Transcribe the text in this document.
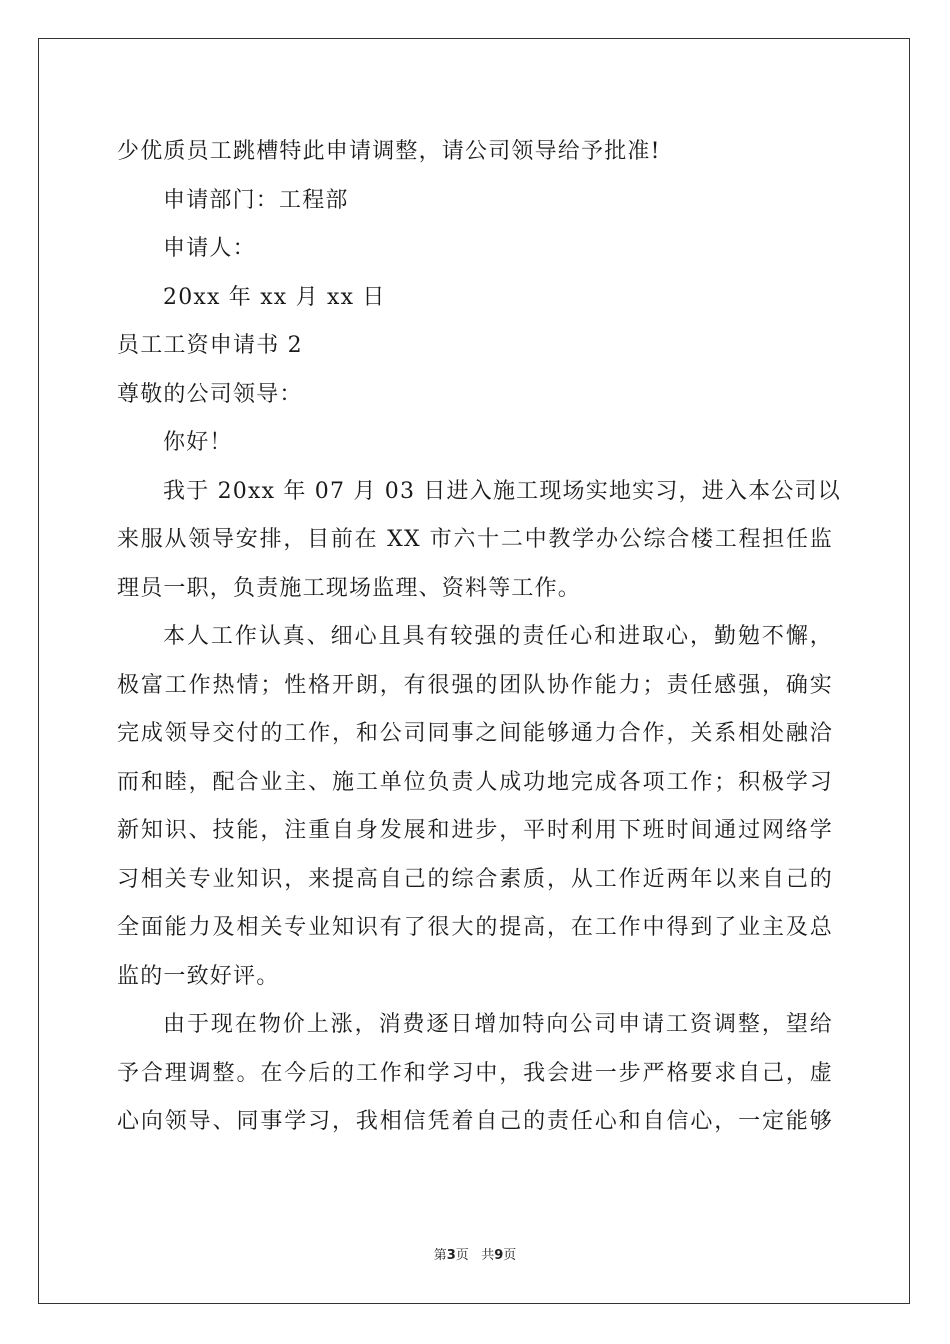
少优质员工跳槽特此申请调整，请公司领导给予批准!
申请部门：工程部
申请人：
20xx 年 xx 月 xx 日
员工工资申请书 2
尊敬的公司领导：
你好！
我于 20xx 年 07 月 03 日进入施工现场实地实习，进入本公司以
来服从领导安排，目前在 XX 市六十二中教学办公综合楼工程担任监
理员一职，负责施工现场监理、资料等工作。
本人工作认真、细心且具有较强的责任心和进取心，勤勉不懈，
极富工作热情；性格开朗，有很强的团队协作能力；责任感强，确实
完成领导交付的工作，和公司同事之间能够通力合作，关系相处融洽
而和睦，配合业主、施工单位负责人成功地完成各项工作；积极学习
新知识、技能，注重自身发展和进步，平时利用下班时间通过网络学
习相关专业知识，来提高自己的综合素质，从工作近两年以来自己的
全面能力及相关专业知识有了很大的提高，在工作中得到了业主及总
监的一致好评。
由于现在物价上涨，消费逐日增加特向公司申请工资调整，望给
予合理调整。在今后的工作和学习中，我会进一步严格要求自己，虚
心向领导、同事学习，我相信凭着自己的责任心和自信心，一定能够
第3页 共9页
